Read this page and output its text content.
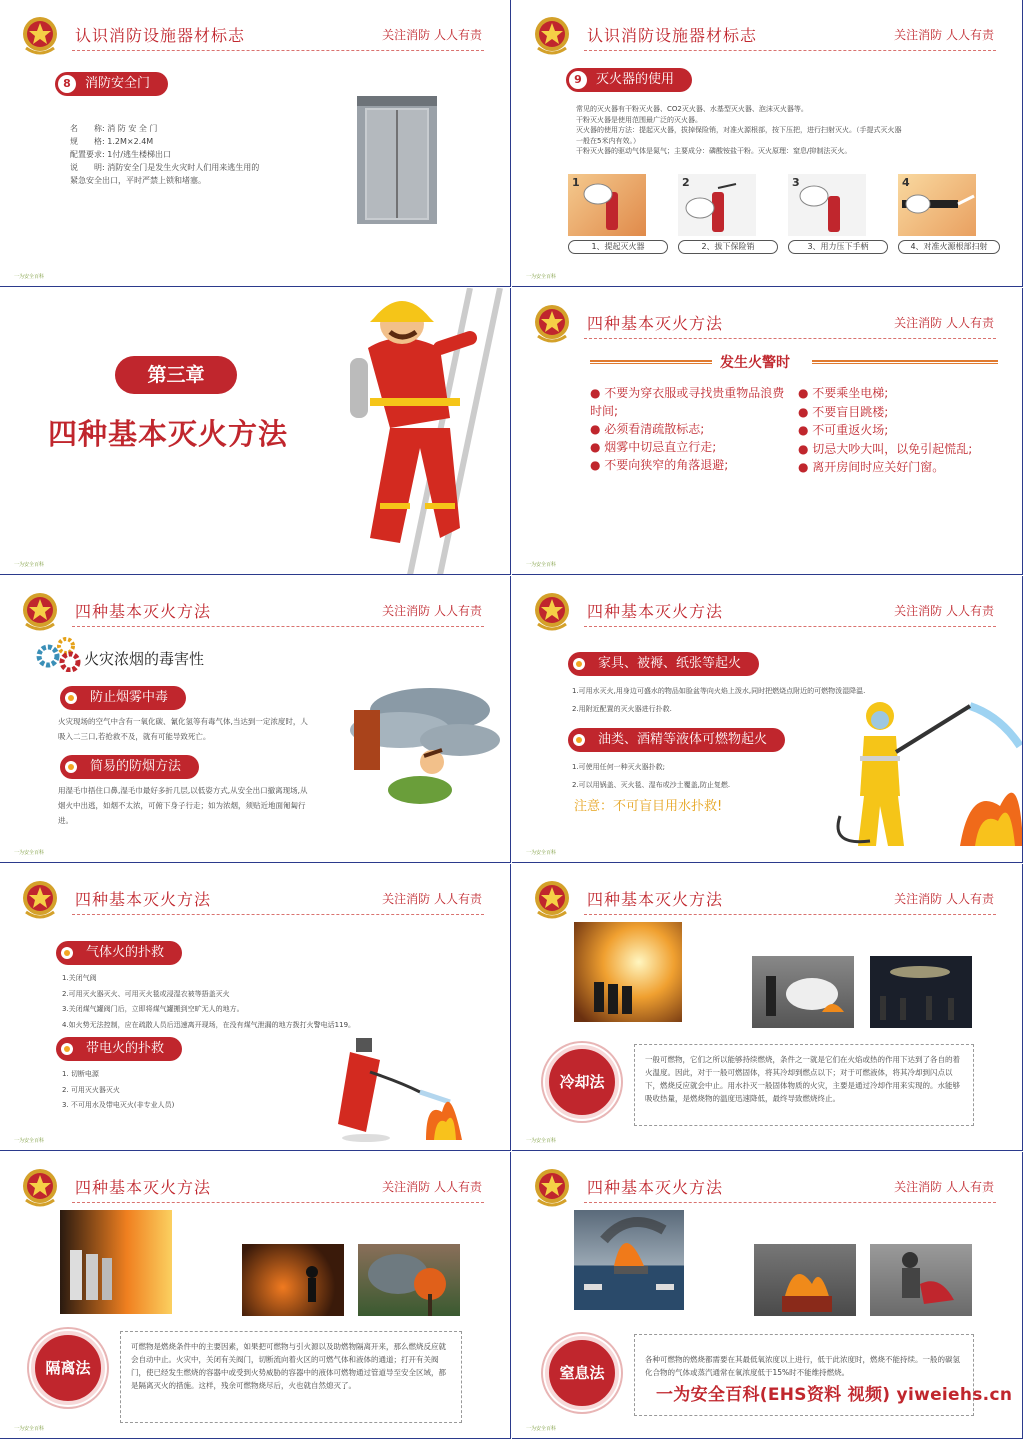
认识消防设施器材标志	关注消防 人人有责
8	消防安全门
名　　称: 消 防 安 全 门
规　　格: 1.2M×2.4M
配置要求: 1付/逃生楼梯出口
说　　明: 消防安全门是发生火灾时人们用来逃生用的
紧急安全出口，平时严禁上锁和堵塞。
一为安全百科
认识消防设施器材标志	关注消防 人人有责
9	灭火器的使用
常见的灭火器有干粉灭火器、CO2灭火器、水基型灭火器、泡沫灭火器等。
干粉灭火器是使用范围最广泛的灭火器。
灭火器的使用方法：提起灭火器，拔掉保险销，对准火源根部，按下压把，进行扫射灭火。（手提式灭火器
一般在5米内有效。）
干粉灭火器的驱动气体是氮气；主要成分：磷酸铵盐干粉。灭火原理：窒息/抑制法灭火。
1	2	3	4
1、提起灭火器	2、拔下保险销	3、用力压下手柄	4、对准火源根部扫射
一为安全百科
第三章
四种基本灭火方法
一为安全百科
四种基本灭火方法	关注消防 人人有责
发生火警时
● 不要为穿衣服或寻找贵重物品浪费时间;
● 必须看清疏散标志;
● 烟雾中切忌直立行走;
● 不要向狭窄的角落退避;
● 不要乘坐电梯;
● 不要盲目跳楼;
● 不可重返火场;
● 切忌大吵大叫，以免引起慌乱;
● 离开房间时应关好门窗。
一为安全百科
四种基本灭火方法	关注消防 人人有责
火灾浓烟的毒害性
防止烟雾中毒
火灾现场的空气中含有一氧化碳、氰化氢等有毒气体,当达到一定浓度时，人吸入二三口,若抢救不及，就有可能导致死亡。
简易的防烟方法
用湿毛巾捂住口鼻,湿毛巾最好多折几层,以低姿方式,从安全出口撤离现场,从烟火中出逃，如烟不太浓，可俯下身子行走；如为浓烟，须贴近地面匍匐行进。
一为安全百科
四种基本灭火方法	关注消防 人人有责
家具、被褥、纸张等起火
1.可用水灭火,用身边可盛水的物品如脸盆等向火焰上泼水,同时把燃烧点附近的可燃物泼湿降温.
2.用附近配置的灭火器进行扑救.
油类、酒精等液体可燃物起火
1.可使用任何一种灭火器扑救;
2.可以用锅盖、灭火毯、湿布或沙土覆盖,防止复燃.
注意：不可盲目用水扑救!
一为安全百科
四种基本灭火方法	关注消防 人人有责
气体火的扑救
1.关闭气阀
2.可用灭火器灭火、可用灭火毯或浸湿衣被等捂盖灭火
3.关闭煤气罐阀门后，立即将煤气罐搬到空旷无人的地方。
4.如火势无法控制，应在疏散人员后迅速离开现场，在没有煤气泄漏的地方拨打火警电话119。
带电火的扑救
1. 切断电源
2. 可用灭火器灭火
3. 不可用水及带电灭火(非专业人员)
一为安全百科
四种基本灭火方法	关注消防 人人有责
冷却法
一般可燃物，它们之所以能够持续燃烧，条件之一就是它们在火焰或热的作用下达到了各自的着火温度。因此，对于一般可燃固体，将其冷却到燃点以下；对于可燃液体，将其冷却到闪点以下，燃烧反应就会中止。用水扑灭一般固体物质的火灾，主要是通过冷却作用来实现的。水能够吸收热量，是燃烧物的温度迅速降低，最终导致燃烧终止。
一为安全百科
四种基本灭火方法	关注消防 人人有责
隔离法
可燃物是燃烧条件中的主要因素，如果把可燃物与引火源以及助燃物隔离开来，那么燃烧反应就会自动中止。火灾中，关闭有关阀门，切断流向着火区的可燃气体和液体的通道；打开有关阀门，使已经发生燃烧的容器中或受到火势威胁的容器中的液体可燃物通过管道导至安全区域，都是隔离灭火的措施。这样，残余可燃物烧尽后，火也就自然熄灭了。
一为安全百科
四种基本灭火方法	关注消防 人人有责
窒息法
各种可燃物的燃烧都需要在其最低氧浓度以上进行，低于此浓度时，燃烧不能持续。一般的碳氢化合物的气体或蒸汽通常在氧浓度低于15%时不能维持燃烧。
一为安全百科
一为安全百科(EHS资料 视频) yiweiehs.cn
